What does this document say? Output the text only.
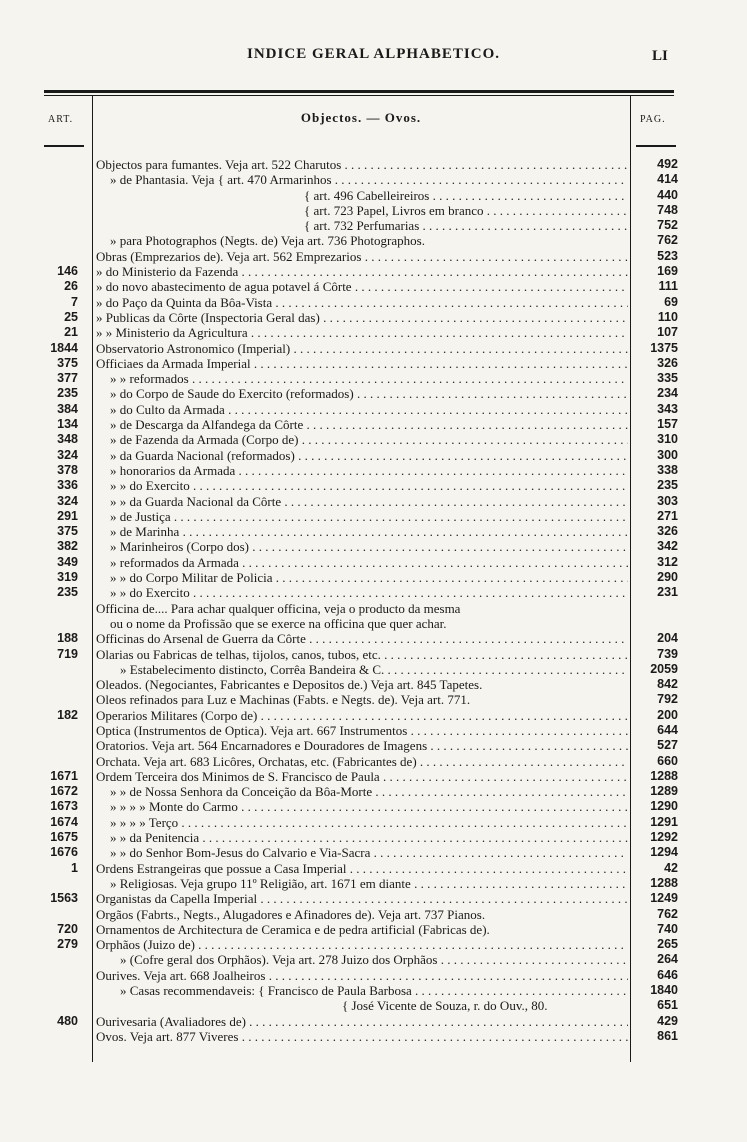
INDICE GERAL ALPHABETICO.	LI
ART.	Objectos. — Ovos.	PAG.
Objectos para fumantes. Veja art. 522 Charutos . . .	492
» de Phantasia. Veja { art. 470 Armarinhos . . .	414
{ art. 496 Cabelleireiros . . .	440
{ art. 723 Papel, Livros em branco . . .	748
{ art. 732 Perfumarias . . .	752
» para Photographos (Negts. de) Veja art. 736 Photographos.	762
Obras (Emprezarios de). Veja art. 562 Emprezarios . . .	523
146 » do Ministerio da Fazenda . . .	169
26 » do novo abastecimento de agua potavel á Côrte . . .	111
7 » do Paço da Quinta da Bôa-Vista . . .	69
25 » Publicas da Côrte (Inspectoria Geral das) . . .	110
21 » » Ministerio da Agricultura . . .	107
1844 Observatorio Astronomico (Imperial) . . .	1375
375 Officiaes da Armada Imperial . . .	326
377 » » reformados . . .	335
235 » do Corpo de Saude do Exercito (reformados) . . .	234
384 » do Culto da Armada . . .	343
134 » de Descarga da Alfandega da Côrte . . .	157
348 » de Fazenda da Armada (Corpo de) . . .	310
324 » da Guarda Nacional (reformados) . . .	300
378 » honorarios da Armada . . .	338
336 » » do Exercito . . .	235
324 » » da Guarda Nacional da Côrte . . .	303
291 » de Justiça . . .	271
375 » de Marinha . . .	326
382 » Marinheiros (Corpo dos) . . .	342
349 » reformados da Armada . . .	312
319 » » do Corpo Militar de Policia . . .	290
235 » » do Exercito . . .	231
Officina de.... Para achar qualquer officina, veja o producto da mesma
ou o nome da Profissão que se exerce na officina que quer achar.
188 Officinas do Arsenal de Guerra da Côrte . . .	204
719 Olarias ou Fabricas de telhas, tijolos, canos, tubos, etc. . . .	739
» Estabelecimento distincto, Corrêa Bandeira & C. . . .	2059
Oleados. (Negociantes, Fabricantes e Depositos de.) Veja art. 845 Tapetes.	842
Oleos refinados para Luz e Machinas (Fabts. e Negts. de). Veja art. 771.	792
182 Operarios Militares (Corpo de) . . .	200
Optica (Instrumentos de Optica). Veja art. 667 Instrumentos . . .	644
Oratorios. Veja art. 564 Encarnadores e Douradores de Imagens . . .	527
Orchata. Veja art. 683 Licôres, Orchatas, etc. (Fabricantes de) . . .	660
1671 Ordem Terceira dos Minimos de S. Francisco de Paula . . .	1288
1672 » » de Nossa Senhora da Conceição da Bôa-Morte . . .	1289
1673 » » » » Monte do Carmo . . .	1290
1674 » » » » Terço . . .	1291
1675 » » da Penitencia . . .	1292
1676 » » do Senhor Bom-Jesus do Calvario e Via-Sacra . . .	1294
1 Ordens Estrangeiras que possue a Casa Imperial . . .	42
» Religiosas. Veja grupo 11º Religião, art. 1671 em diante . . .	1288
1563 Organistas da Capella Imperial . . .	1249
Orgãos (Fabrts., Negts., Alugadores e Afinadores de). Veja art. 737 Pianos.	762
720 Ornamentos de Architectura de Ceramica e de pedra artificial (Fabricas de).	740
279 Orphãos (Juizo de) . . .	265
» (Cofre geral dos Orphãos). Veja art. 278 Juizo dos Orphãos . . .	264
Ourives. Veja art. 668 Joalheiros . . .	646
» Casas recommendaveis: { Francisco de Paula Barbosa . . .	1840
{ José Vicente de Souza, r. do Ouv., 80.	651
480 Ourivesaria (Avaliadores de) . . .	429
Ovos. Veja art. 877 Viveres . . .	861
